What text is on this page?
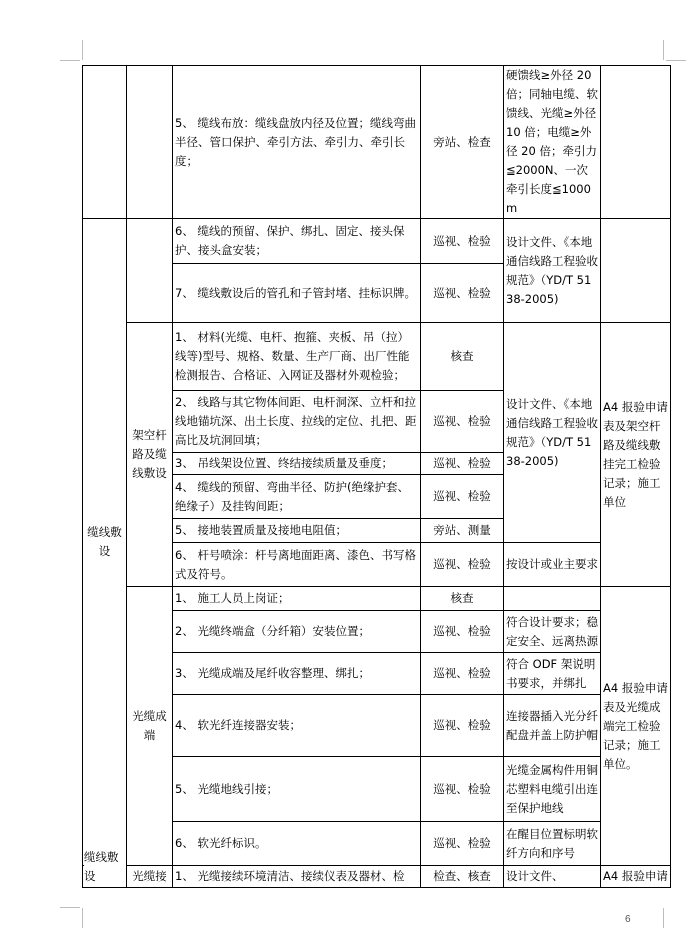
		5、 缆线布放：缆线盘放内径及位置；缆线弯曲半径、管口保护、牵引方法、牵引力、牵引长度；	旁站、检查	硬馈线≥外径 20 倍；同轴电缆、软馈线、光缆≥外径 10 倍；电缆≥外径 20 倍；牵引力≦2000N、一次牵引长度≦1000m	
缆线敷设		6、 缆线的预留、保护、绑扎、固定、接头保护、接头盒安装；	巡视、检验	设计文件、《本地通信线路工程验收规范》（YD/T 5138-2005)	
		7、 缆线敷设后的管孔和子管封堵、挂标识牌。	巡视、检验		
	架空杆路及缆线敷设	1、 材料(光缆、电杆、抱箍、夹板、吊（拉）线等)型号、规格、数量、生产厂商、出厂性能检测报告、合格证、入网证及器材外观检验；	核查	设计文件、《本地通信线路工程验收规范》（YD/T 5138-2005)	A4 报验申请表及架空杆路及缆线敷挂完工检验记录；施工单位
		2、 线路与其它物体间距、电杆洞深、立杆和拉线地锚坑深、出土长度、拉线的定位、扎把、距高比及坑洞回填；	巡视、检验		
		3、 吊线架设位置、终结接续质量及垂度；	巡视、检验		
		4、 缆线的预留、弯曲半径、防护(绝缘护套、绝缘子）及挂钩间距；	巡视、检验		
		5、 接地装置质量及接地电阻值；	旁站、测量		
		6、 杆号喷涂：杆号离地面距离、漆色、书写格式及符号。	巡视、检验	按设计或业主要求	
	光缆成端	1、 施工人员上岗证；	核查		A4 报验申请表及光缆成端完工检验记录；施工单位。
		2、 光缆终端盒（分纤箱）安装位置；	巡视、检验	符合设计要求；稳定安全、远离热源	
		3、 光缆成端及尾纤收容整理、绑扎；	巡视、检验	符合 ODF 架说明书要求，并绑扎	
		4、 软光纤连接器安装；	巡视、检验	连接器插入光分纤配盘并盖上防护帽	
		5、 光缆地线引接；	巡视、检验	光缆金属构件用铜芯塑料电缆引出连至保护地线	
		6、 软光纤标识。	巡视、检验	在醒目位置标明软纤方向和序号	
	光缆接	1、 光缆接续环境清洁、接续仪表及器材、检	检查、核查	设计文件、	A4 报验申请
缆线敷设
6
